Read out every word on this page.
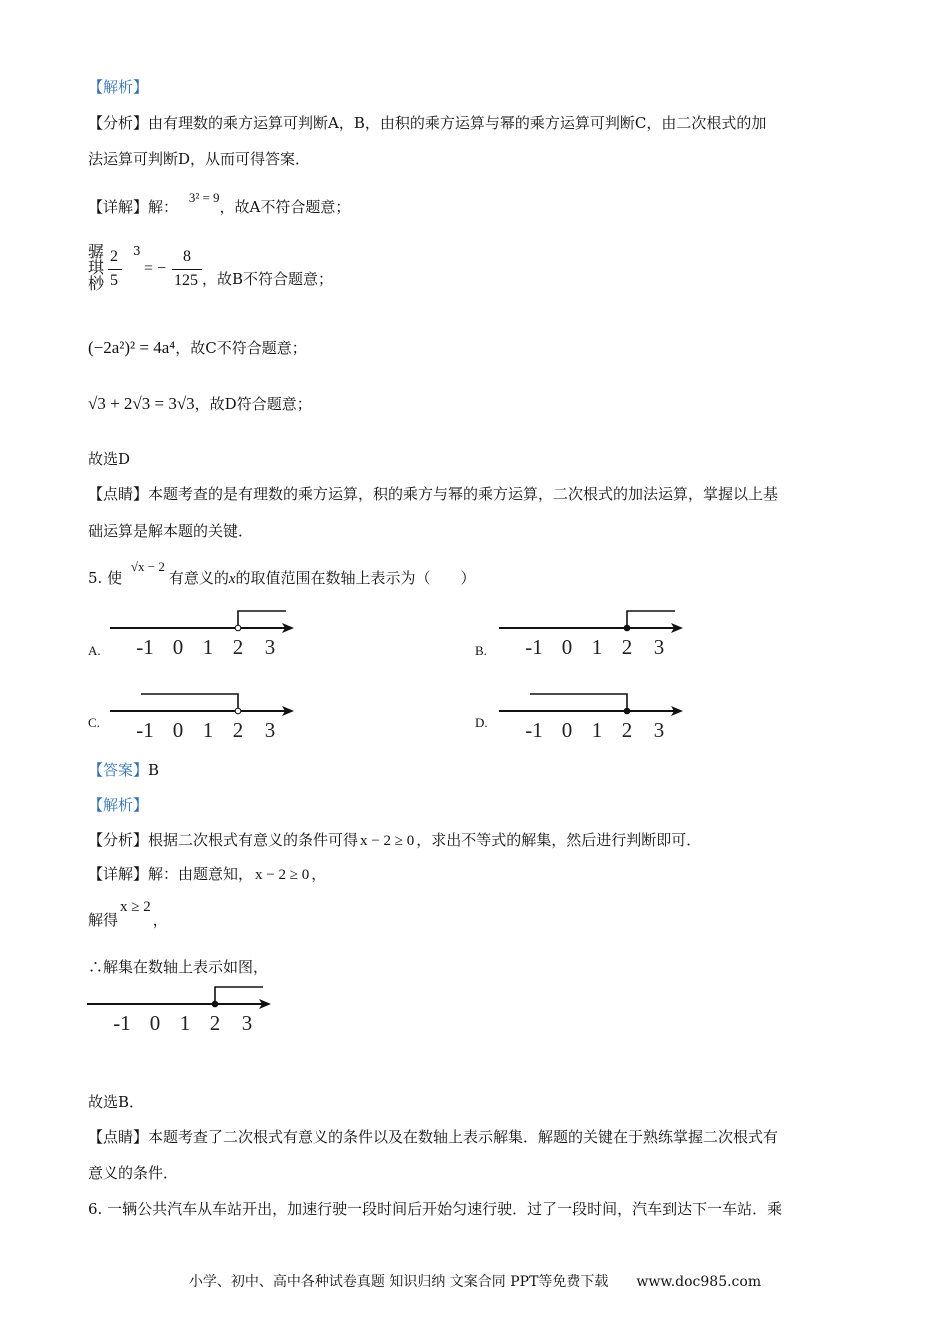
【解析】
【分析】由有理数的乘方运算可判断A，B，由积的乘方运算与幂的乘方运算可判断C，由二次根式的加
法运算可判断D，从而可得答案．
【详解】解： 3² = 9，故A不符合题意；
骣
琪
桫
2
5
3
= −
8
125 ，故B不符合题意；
(−2a²)² = 4a⁴，故C不符合题意；
√3 + 2√3 = 3√3，故D符合题意；
故选D
【点睛】本题考查的是有理数的乘方运算，积的乘方与幂的乘方运算，二次根式的加法运算，掌握以上基
础运算是解本题的关键．
5. 使 √x − 2有意义的x的取值范围在数轴上表示为（　　）
A. -1 0 1 2 3	B. -1 0 1 2 3
C. -1 0 1 2 3	D. -1 0 1 2 3
【答案】B
【解析】
【分析】根据二次根式有意义的条件可得 x − 2 ≥ 0 ，求出不等式的解集，然后进行判断即可．
【详解】解：由题意知， x − 2 ≥ 0 ，
解得x ≥ 2，
∴解集在数轴上表示如图，
-1 0 1 2 3
故选B．
【点睛】本题考查了二次根式有意义的条件以及在数轴上表示解集．解题的关键在于熟练掌握二次根式有
意义的条件．
6. 一辆公共汽车从车站开出，加速行驶一段时间后开始匀速行驶．过了一段时间，汽车到达下一车站．乘
小学、初中、高中各种试卷真题 知识归纳 文案合同 PPT等免费下载　　www.doc985.com
